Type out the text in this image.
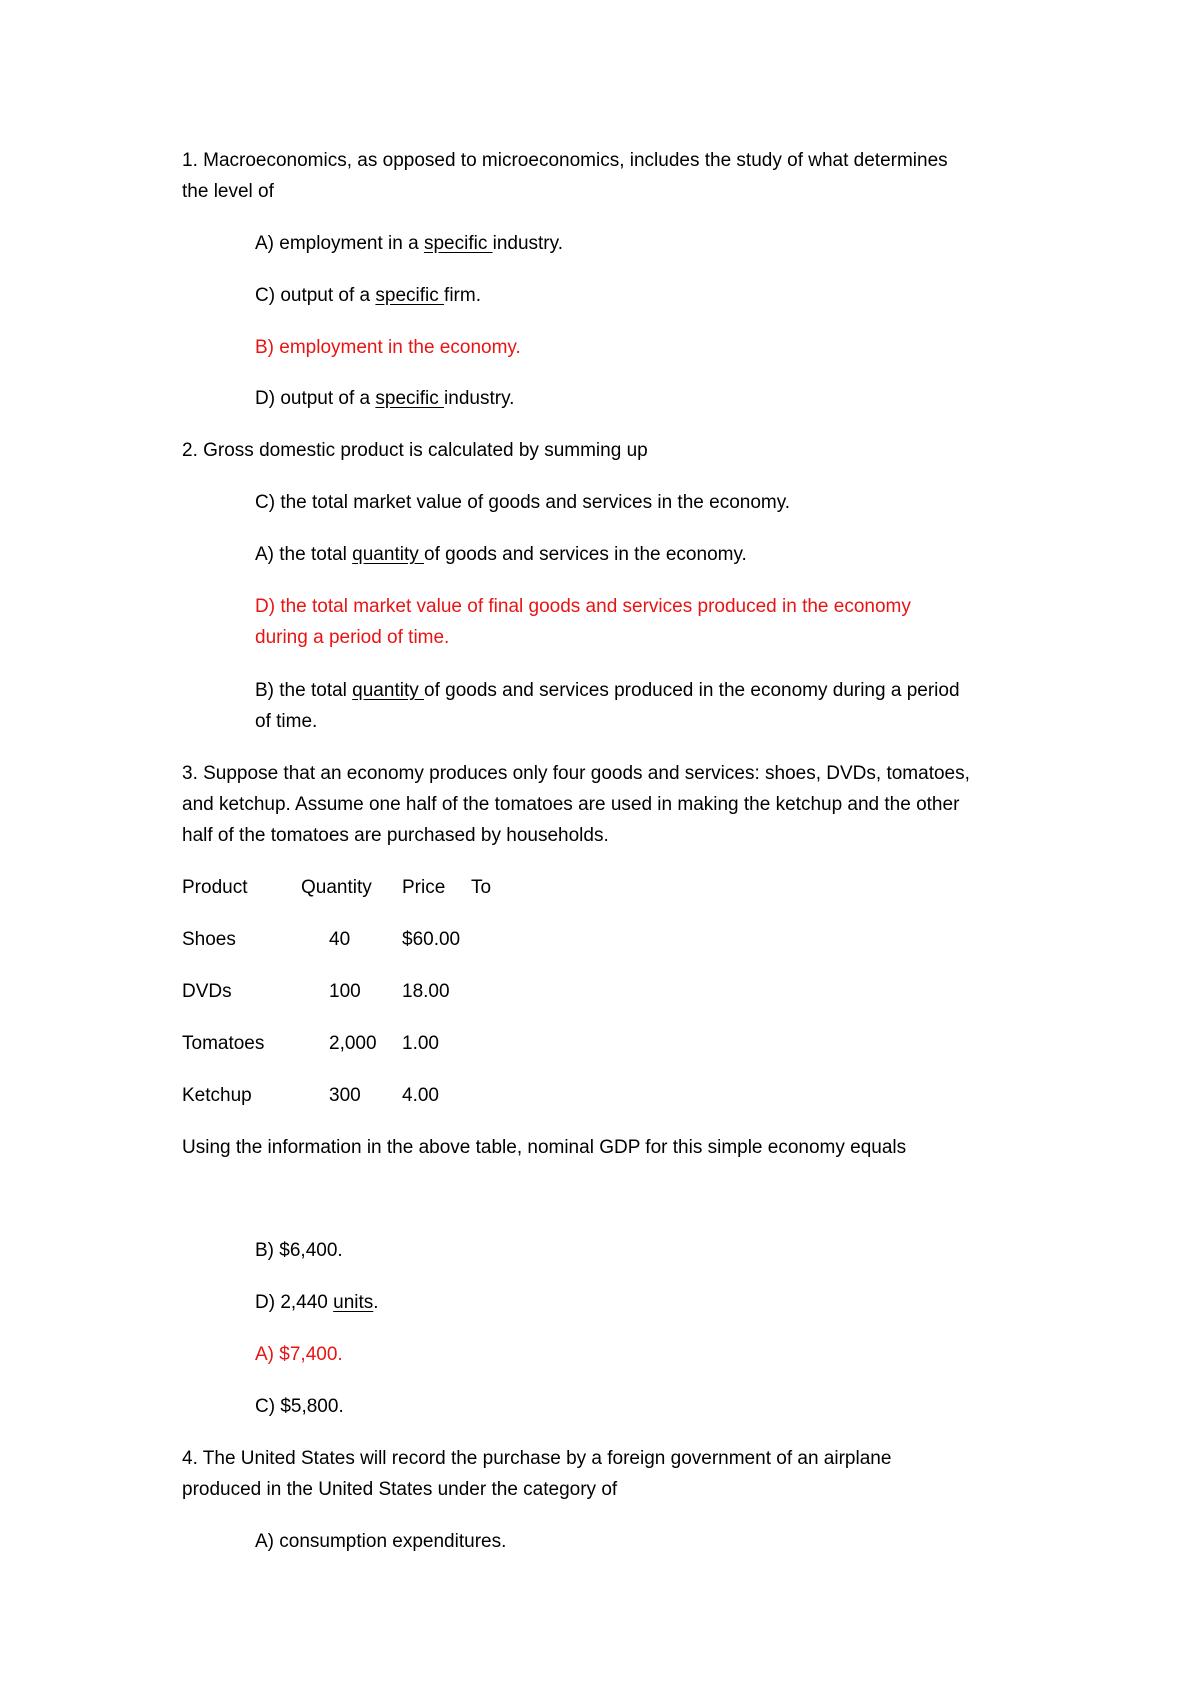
1. Macroeconomics, as opposed to microeconomics, includes the study of what determines
the level of
A) employment in a specific industry.
C) output of a specific firm.
B) employment in the economy.
D) output of a specific industry.
2. Gross domestic product is calculated by summing up
C) the total market value of goods and services in the economy.
A) the total quantity of goods and services in the economy.
D) the total market value of final goods and services produced in the economy
during a period of time.
B) the total quantity of goods and services produced in the economy during a period
of time.
3. Suppose that an economy produces only four goods and services: shoes, DVDs, tomatoes,
and ketchup. Assume one half of the tomatoes are used in making the ketchup and the other
half of the tomatoes are purchased by households.
Product	Quantity Price To
Shoes	40	$60.00
DVDs	100 18.00
Tomatoes	2,000 1.00
Ketchup	300 4.00
Using the information in the above table, nominal GDP for this simple economy equals
B) $6,400.
D) 2,440 units.
A) $7,400.
C) $5,800.
4. The United States will record the purchase by a foreign government of an airplane
produced in the United States under the category of
A) consumption expenditures.
